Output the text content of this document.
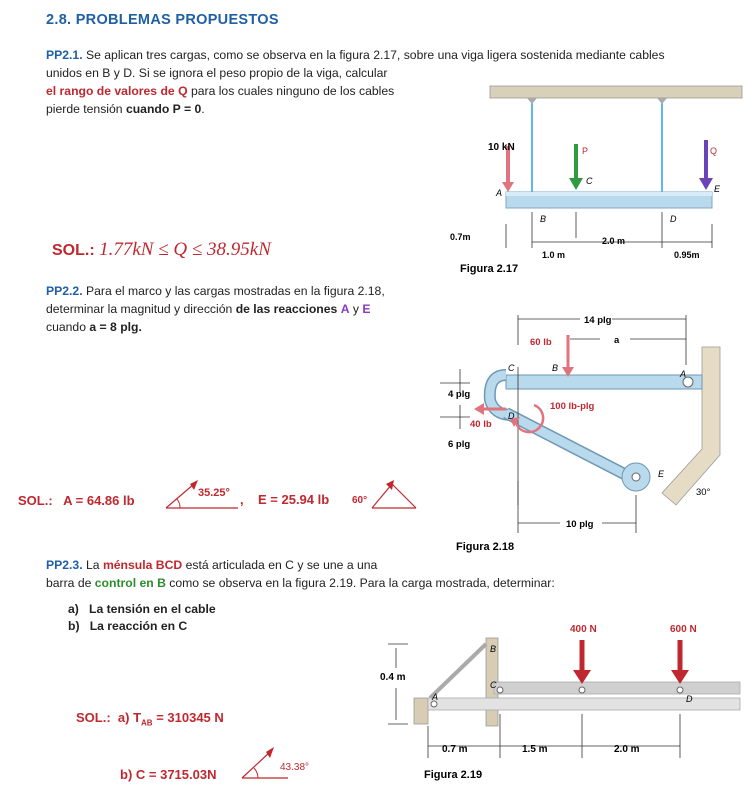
2.8. PROBLEMAS PROPUESTOS
PP2.1. Se aplican tres cargas, como se observa en la figura 2.17, sobre una viga ligera sostenida mediante cables
unidos en B y D. Si se ignora el peso propio de la viga, calcular
el rango de valores de Q para los cuales ninguno de los cables
pierde tensión cuando P = 0.
SOL.: 1.77kN ≤ Q ≤ 38.95kN
10 kN	P	Q
A
B
C
D
E
0.7m
1.0 m
2.0 m
0.95m
Figura 2.17
PP2.2. Para el marco y las cargas mostradas en la figura 2.18,
determinar la magnitud y dirección de las reacciones A y E
cuando a = 8 plg.
SOL.: A = 64.86 lb	35.25° , E = 25.94 lb 60°
14 plg
a
60 lb
100 lb-plg
40 lb
4 plg
6 plg
10 plg
30°
A
B
C
D
E
Figura 2.18
PP2.3. La ménsula BCD está articulada en C y se une a una
barra de control en B como se observa en la figura 2.19. Para la carga mostrada, determinar:
a) La tensión en el cable
b) La reacción en C
SOL.: a) $T_{AB} = 310345$ N
b) C = 3715.03N	43.38°
400 N	600 N
0.4 m
0.7 m	1.5 m	2.0 m
A
B
C
D
Figura 2.19
